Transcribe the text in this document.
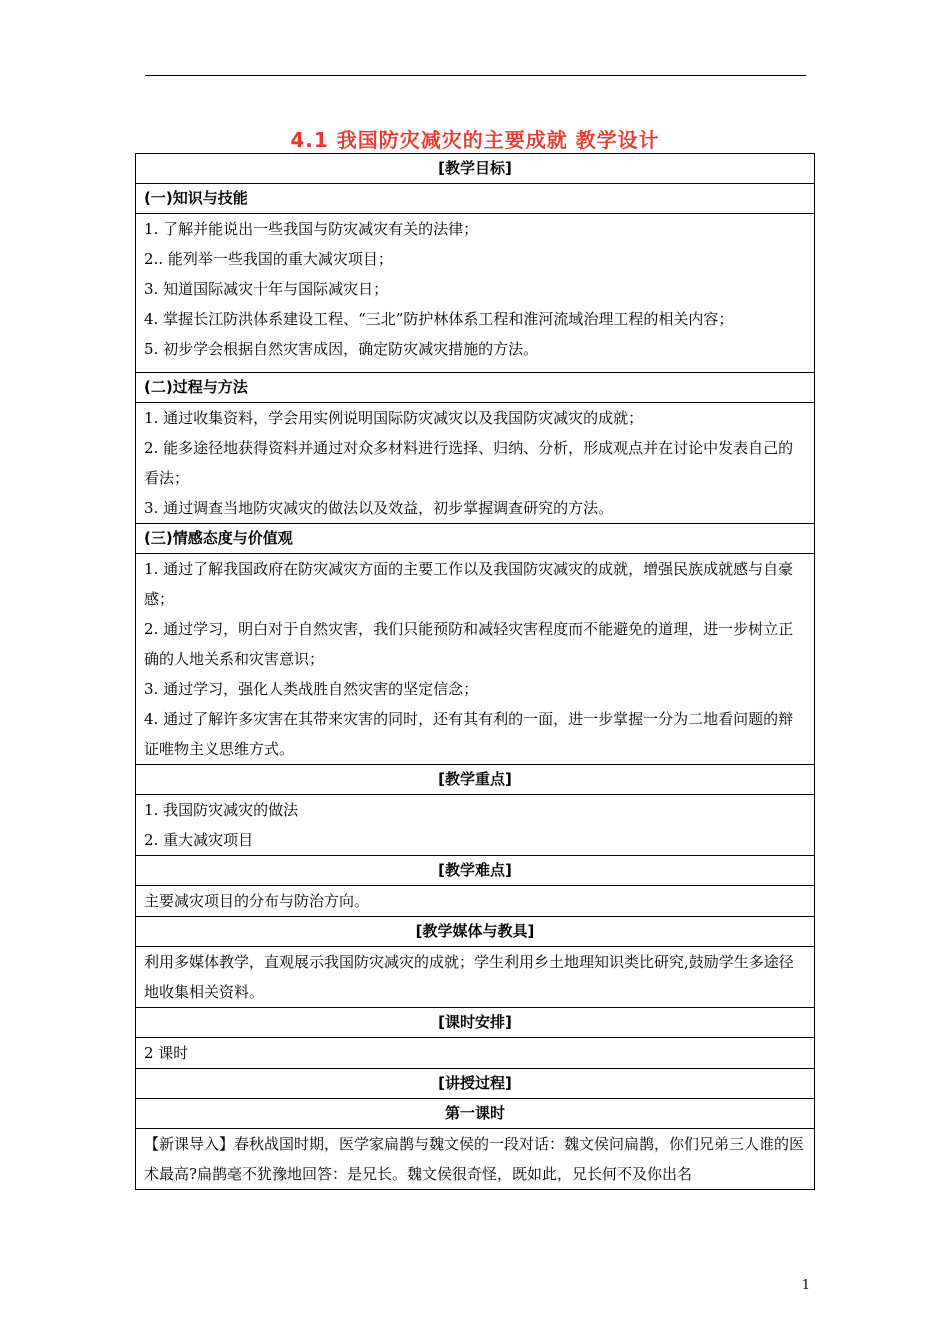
4.1 我国防灾减灾的主要成就 教学设计
[教学目标]
(一)知识与技能

1. 了解并能说出一些我国与防灾减灾有关的法律；

2.. 能列举一些我国的重大减灾项目；

3. 知道国际减灾十年与国际减灾日；

4. 掌握长江防洪体系建设工程、“三北”防护林体系工程和淮河流域治理工程的相关内容；

5. 初步学会根据自然灾害成因，确定防灾减灾措施的方法。

(二)过程与方法

1. 通过收集资料，学会用实例说明国际防灾减灾以及我国防灾减灾的成就；

2. 能多途径地获得资料并通过对众多材料进行选择、归纳、分析，形成观点并在讨论中发表自己的看法；

3. 通过调查当地防灾减灾的做法以及效益，初步掌握调查研究的方法。

(三)情感态度与价值观

1. 通过了解我国政府在防灾减灾方面的主要工作以及我国防灾减灾的成就，增强民族成就感与自豪感；

2. 通过学习，明白对于自然灾害，我们只能预防和减轻灾害程度而不能避免的道理，进一步树立正确的人地关系和灾害意识；

3. 通过学习，强化人类战胜自然灾害的坚定信念；

4. 通过了解许多灾害在其带来灾害的同时，还有其有利的一面，进一步掌握一分为二地看问题的辩证唯物主义思维方式。

[教学重点]

1. 我国防灾减灾的做法

2. 重大减灾项目

[教学难点]

主要减灾项目的分布与防治方向。

[教学媒体与教具]

利用多媒体教学，直观展示我国防灾减灾的成就；学生利用乡土地理知识类比研究,鼓励学生多途径地收集相关资料。

[课时安排]

2 课时

[讲授过程]
第一课时

【新课导入】春秋战国时期，医学家扁鹊与魏文侯的一段对话：魏文侯问扁鹊，你们兄弟三人谁的医术最高?扁鹊毫不犹豫地回答：是兄长。魏文侯很奇怪，既如此，兄长何不及你出名

1
